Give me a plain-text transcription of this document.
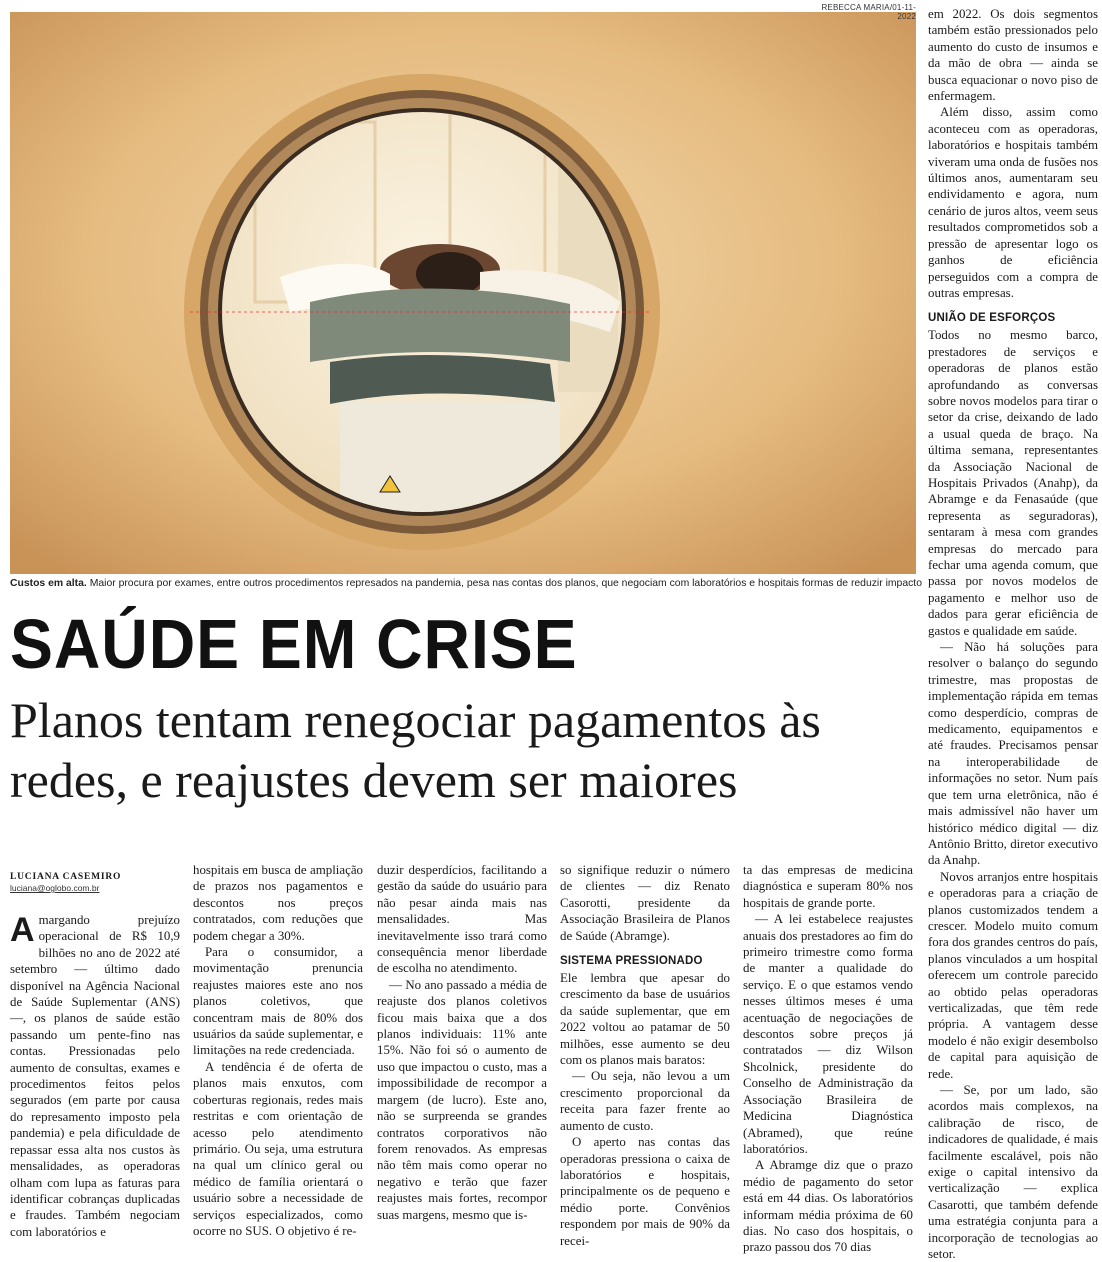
REBECCA MARIA/01-11-2022
Custos em alta. Maior procura por exames, entre outros procedimentos represados na pandemia, pesa nas contas dos planos, que negociam com laboratórios e hospitais formas de reduzir impacto
SAÚDE EM CRISE
Planos tentam renegociar pagamentos às redes, e reajustes devem ser maiores
LUCIANA CASEMIRO
luciana@oglobo.com.br

Amargando prejuízo operacional de R$ 10,9 bilhões no ano de 2022 até setembro — último dado disponível na Agência Nacional de Saúde Suplementar (ANS) —, os planos de saúde estão passando um pente-fino nas contas. Pressionadas pelo aumento de consultas, exames e procedimentos feitos pelos segurados (em parte por causa do represamento imposto pela pandemia) e pela dificuldade de repassar essa alta nos custos às mensalidades, as operadoras olham com lupa as faturas para identificar cobranças duplicadas e fraudes. Também negociam com laboratórios e

hospitais em busca de ampliação de prazos nos pagamentos e descontos nos preços contratados, com reduções que podem chegar a 30%.

Para o consumidor, a movimentação prenuncia reajustes maiores este ano nos planos coletivos, que concentram mais de 80% dos usuários da saúde suplementar, e limitações na rede credenciada.

A tendência é de oferta de planos mais enxutos, com coberturas regionais, redes mais restritas e com orientação de acesso pelo atendimento primário. Ou seja, uma estrutura na qual um clínico geral ou médico de família orientará o usuário sobre a necessidade de serviços especializados, como ocorre no SUS. O objetivo é re-

duzir desperdícios, facilitando a gestão da saúde do usuário para não pesar ainda mais nas mensalidades. Mas inevitavelmente isso trará como consequência menor liberdade de escolha no atendimento.

— No ano passado a média de reajuste dos planos coletivos ficou mais baixa que a dos planos individuais: 11% ante 15%. Não foi só o aumento de uso que impactou o custo, mas a impossibilidade de recompor a margem (de lucro). Este ano, não se surpreenda se grandes contratos corporativos não forem renovados. As empresas não têm mais como operar no negativo e terão que fazer reajustes mais fortes, recompor suas margens, mesmo que is-

so signifique reduzir o número de clientes — diz Renato Casorotti, presidente da Associação Brasileira de Planos de Saúde (Abramge).

SISTEMA PRESSIONADO

Ele lembra que apesar do crescimento da base de usuários da saúde suplementar, que em 2022 voltou ao patamar de 50 milhões, esse aumento se deu com os planos mais baratos:

— Ou seja, não levou a um crescimento proporcional da receita para fazer frente ao aumento de custo.

O aperto nas contas das operadoras pressiona o caixa de laboratórios e hospitais, principalmente os de pequeno e médio porte. Convênios respondem por mais de 90% da recei-

ta das empresas de medicina diagnóstica e superam 80% nos hospitais de grande porte.

— A lei estabelece reajustes anuais dos prestadores ao fim do primeiro trimestre como forma de manter a qualidade do serviço. E o que estamos vendo nesses últimos meses é uma acentuação de negociações de descontos sobre preços já contratados — diz Wilson Shcolnick, presidente do Conselho de Administração da Associação Brasileira de Medicina Diagnóstica (Abramed), que reúne laboratórios.

A Abramge diz que o prazo médio de pagamento do setor está em 44 dias. Os laboratórios informam média próxima de 60 dias. No caso dos hospitais, o prazo passou dos 70 dias

em 2022. Os dois segmentos também estão pressionados pelo aumento do custo de insumos e da mão de obra — ainda se busca equacionar o novo piso de enfermagem.

Além disso, assim como aconteceu com as operadoras, laboratórios e hospitais também viveram uma onda de fusões nos últimos anos, aumentaram seu endividamento e agora, num cenário de juros altos, veem seus resultados comprometidos sob a pressão de apresentar logo os ganhos de eficiência perseguidos com a compra de outras empresas.

UNIÃO DE ESFORÇOS

Todos no mesmo barco, prestadores de serviços e operadoras de planos estão aprofundando as conversas sobre novos modelos para tirar o setor da crise, deixando de lado a usual queda de braço. Na última semana, representantes da Associação Nacional de Hospitais Privados (Anahp), da Abramge e da Fenasaúde (que representa as seguradoras), sentaram à mesa com grandes empresas do mercado para fechar uma agenda comum, que passa por novos modelos de pagamento e melhor uso de dados para gerar eficiência de gastos e qualidade em saúde.

— Não há soluções para resolver o balanço do segundo trimestre, mas propostas de implementação rápida em temas como desperdício, compras de medicamento, equipamentos e até fraudes. Precisamos pensar na interoperabilidade de informações no setor. Num país que tem urna eletrônica, não é mais admissível não haver um histórico médico digital — diz Antônio Britto, diretor executivo da Anahp.

Novos arranjos entre hospitais e operadoras para a criação de planos customizados tendem a crescer. Modelo muito comum fora dos grandes centros do país, planos vinculados a um hospital oferecem um controle parecido ao obtido pelas operadoras verticalizadas, que têm rede própria. A vantagem desse modelo é não exigir desembolso de capital para aquisição de rede.

— Se, por um lado, são acordos mais complexos, na calibração de risco, de indicadores de qualidade, é mais facilmente escalável, pois não exige o capital intensivo da verticalização — explica Casarotti, que também defende uma estratégia conjunta para a incorporação de tecnologias ao setor.
